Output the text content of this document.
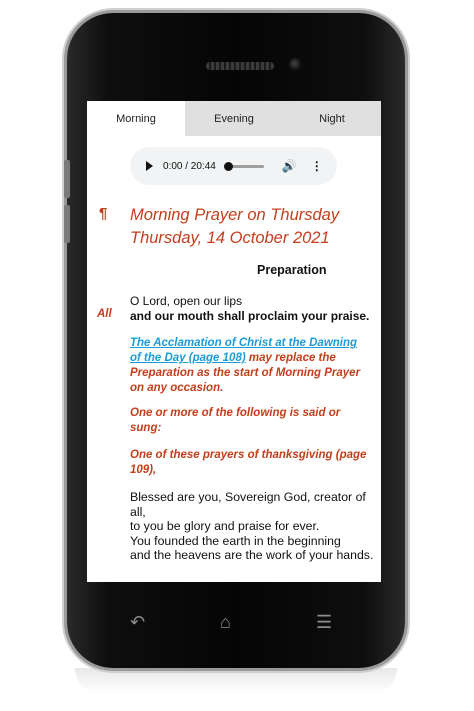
Morning	Evening	Night
0:00 / 20:44	🔊 ⋮
¶ Morning Prayer on Thursday
Thursday, 14 October 2021
Preparation
O Lord, open our lips
All and our mouth shall proclaim your praise.
The Acclamation of Christ at the Dawning of the Day (page 108) may replace the Preparation as the start of Morning Prayer on any occasion.
One or more of the following is said or sung:
One of these prayers of thanksgiving (page 109),
Blessed are you, Sovereign God, creator of all,
to you be glory and praise for ever.
You founded the earth in the beginning
and the heavens are the work of your hands.
↶	⌂	☰
